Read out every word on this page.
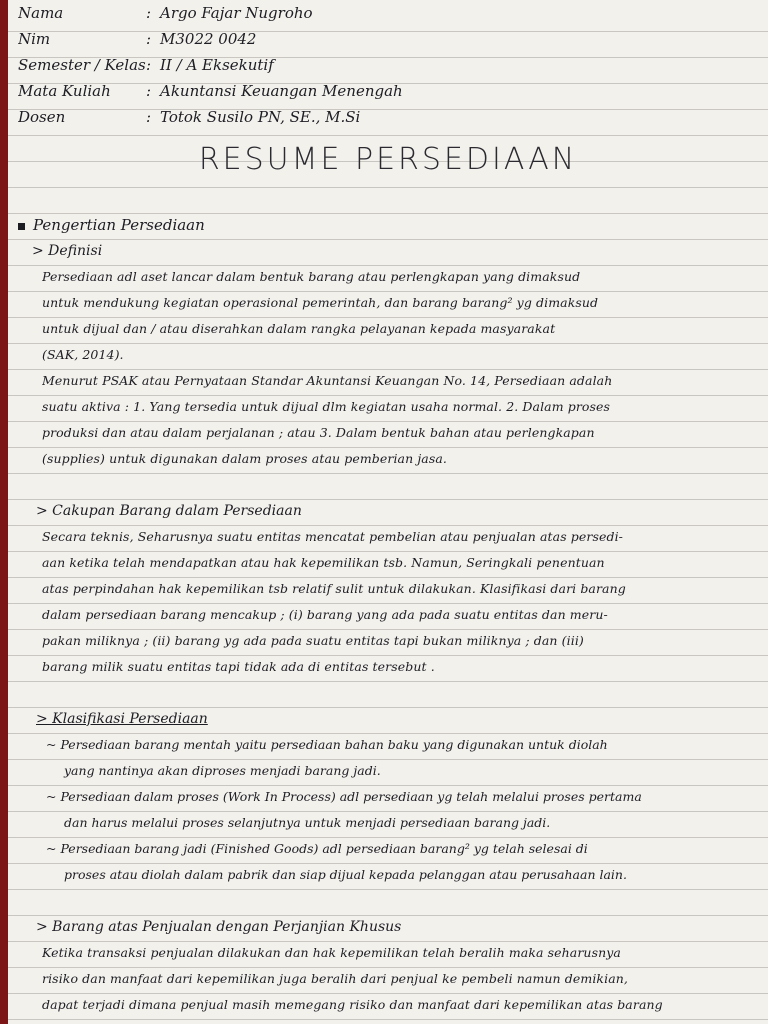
Nama	: Argo Fajar Nugroho
Nim	: M3022 0042
Semester / Kelas: II / A Eksekutif
Mata Kuliah : Akuntansi Keuangan Menengah
Dosen	: Totok Susilo PN, SE., M.Si
RESUME PERSEDIAAN
Pengertian Persediaan
> Definisi
Persediaan adl aset lancar dalam bentuk barang atau perlengkapan yang dimaksud
untuk mendukung kegiatan operasional pemerintah, dan barang barang² yg dimaksud
untuk dijual dan / atau diserahkan dalam rangka pelayanan kepada masyarakat
(SAK, 2014).
Menurut PSAK atau Pernyataan Standar Akuntansi Keuangan No. 14, Persediaan adalah
suatu aktiva : 1. Yang tersedia untuk dijual dlm kegiatan usaha normal. 2. Dalam proses
produksi dan atau dalam perjalanan ; atau 3. Dalam bentuk bahan atau perlengkapan
(supplies) untuk digunakan dalam proses atau pemberian jasa.
> Cakupan Barang dalam Persediaan
Secara teknis, Seharusnya suatu entitas mencatat pembelian atau penjualan atas persedi-
aan ketika telah mendapatkan atau hak kepemilikan tsb. Namun, Seringkali penentuan
atas perpindahan hak kepemilikan tsb relatif sulit untuk dilakukan. Klasifikasi dari barang
dalam persediaan barang mencakup ; (i) barang yang ada pada suatu entitas dan meru-
pakan miliknya ; (ii) barang yg ada pada suatu entitas tapi bukan miliknya ; dan (iii)
barang milik suatu entitas tapi tidak ada di entitas tersebut .
> Klasifikasi Persediaan
~ Persediaan barang mentah yaitu persediaan bahan baku yang digunakan untuk diolah
yang nantinya akan diproses menjadi barang jadi.
~ Persediaan dalam proses (Work In Process) adl persediaan yg telah melalui proses pertama
dan harus melalui proses selanjutnya untuk menjadi persediaan barang jadi.
~ Persediaan barang jadi (Finished Goods) adl persediaan barang² yg telah selesai di
proses atau diolah dalam pabrik dan siap dijual kepada pelanggan atau perusahaan lain.
> Barang atas Penjualan dengan Perjanjian Khusus
Ketika transaksi penjualan dilakukan dan hak kepemilikan telah beralih maka seharusnya
risiko dan manfaat dari kepemilikan juga beralih dari penjual ke pembeli namun demikian,
dapat terjadi dimana penjual masih memegang risiko dan manfaat dari kepemilikan atas barang
